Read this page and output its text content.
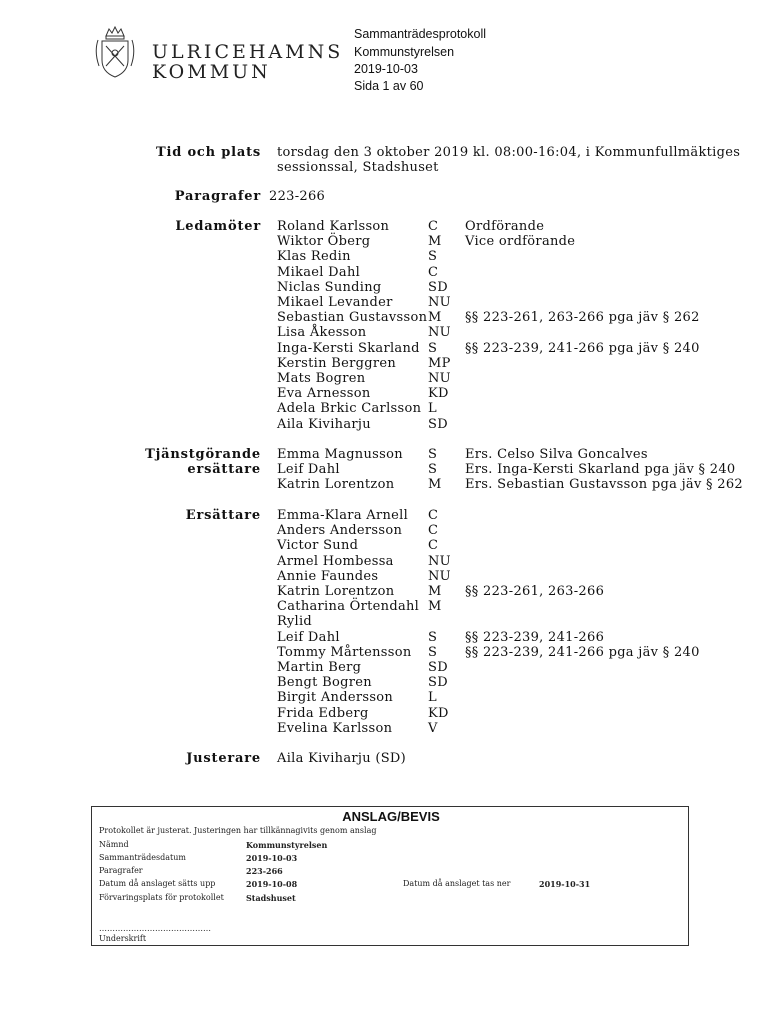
ULRICEHAMNS
KOMMUN
Sammanträdesprotokoll
Kommunstyrelsen
2019-10-03
Sida 1 av 60
Tid och plats torsdag den 3 oktober 2019 kl. 08:00-16:04, i Kommunfullmäktiges
sessionssal, Stadshuset
Paragrafer 223-266
Ledamöter Roland Karlsson	C Ordförande
Wiktor Öberg	M Vice ordförande
Klas Redin	S
Mikael Dahl	C
Niclas Sunding	SD
Mikael Levander	NU
Sebastian Gustavsson M §§ 223-261, 263-266 pga jäv § 262
Lisa Åkesson	NU
Inga-Kersti Skarland S §§ 223-239, 241-266 pga jäv § 240
Kerstin Berggren MP
Mats Bogren	NU
Eva Arnesson	KD
Adela Brkic Carlsson L
Aila Kiviharju	SD
Tjänstgörande
ersättare
Emma Magnusson S Ers. Celso Silva Goncalves
Leif Dahl	S Ers. Inga-Kersti Skarland pga jäv § 240
Katrin Lorentzon	M Ers. Sebastian Gustavsson pga jäv § 262
Ersättare Emma-Klara Arnell C
Anders Andersson C
Victor Sund	C
Armel Hombessa	NU
Annie Faundes	NU
Katrin Lorentzon	M §§ 223-261, 263-266
Catharina Örtendahl M
Rylid
Leif Dahl	S §§ 223-239, 241-266
Tommy Mårtensson S §§ 223-239, 241-266 pga jäv § 240
Martin Berg	SD
Bengt Bogren	SD
Birgit Andersson	L
Frida Edberg	KD
Evelina Karlsson	V
Justerare Aila Kiviharju (SD)
ANSLAG/BEVIS
Protokollet är justerat. Justeringen har tillkännagivits genom anslag
Nämnd	Kommunstyrelsen
Sammanträdesdatum	2019-10-03
Paragrafer	223-266
Datum då anslaget sätts upp	2019-10-08	Datum då anslaget tas ner	2019-10-31
Förvaringsplats för protokollet	Stadshuset
……………………………………
Underskrift
